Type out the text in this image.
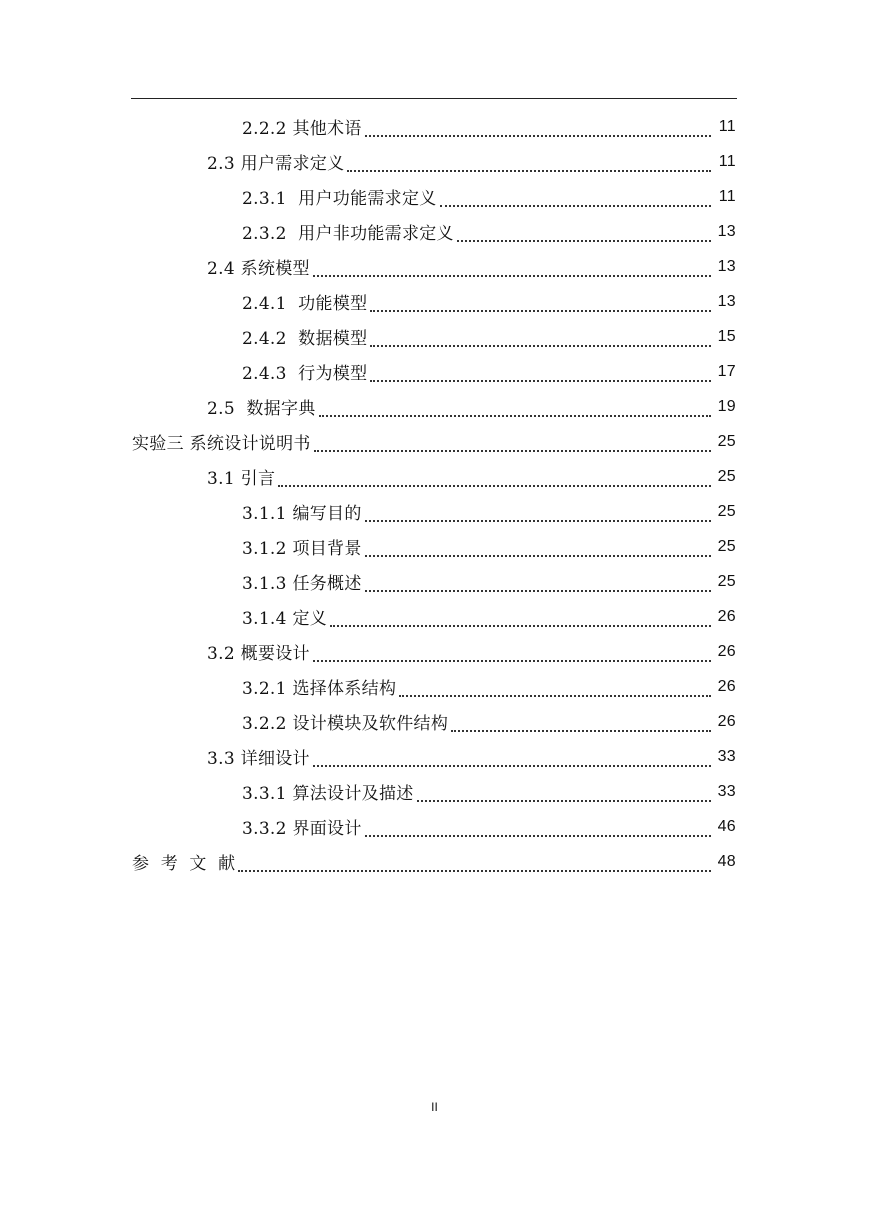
2.2.2 其他术语	11
2.3 用户需求定义	11
2.3.1  用户功能需求定义	11
2.3.2  用户非功能需求定义	13
2.4 系统模型	13
2.4.1  功能模型	13
2.4.2  数据模型	15
2.4.3  行为模型	17
2.5  数据字典	19
实验三 系统设计说明书	25
3.1 引言	25
3.1.1 编写目的	25
3.1.2 项目背景	25
3.1.3 任务概述	25
3.1.4 定义	26
3.2 概要设计	26
3.2.1 选择体系结构	26
3.2.2 设计模块及软件结构	26
3.3 详细设计	33
3.3.1 算法设计及描述	33
3.3.2 界面设计	46
参  考  文  献	48
II
